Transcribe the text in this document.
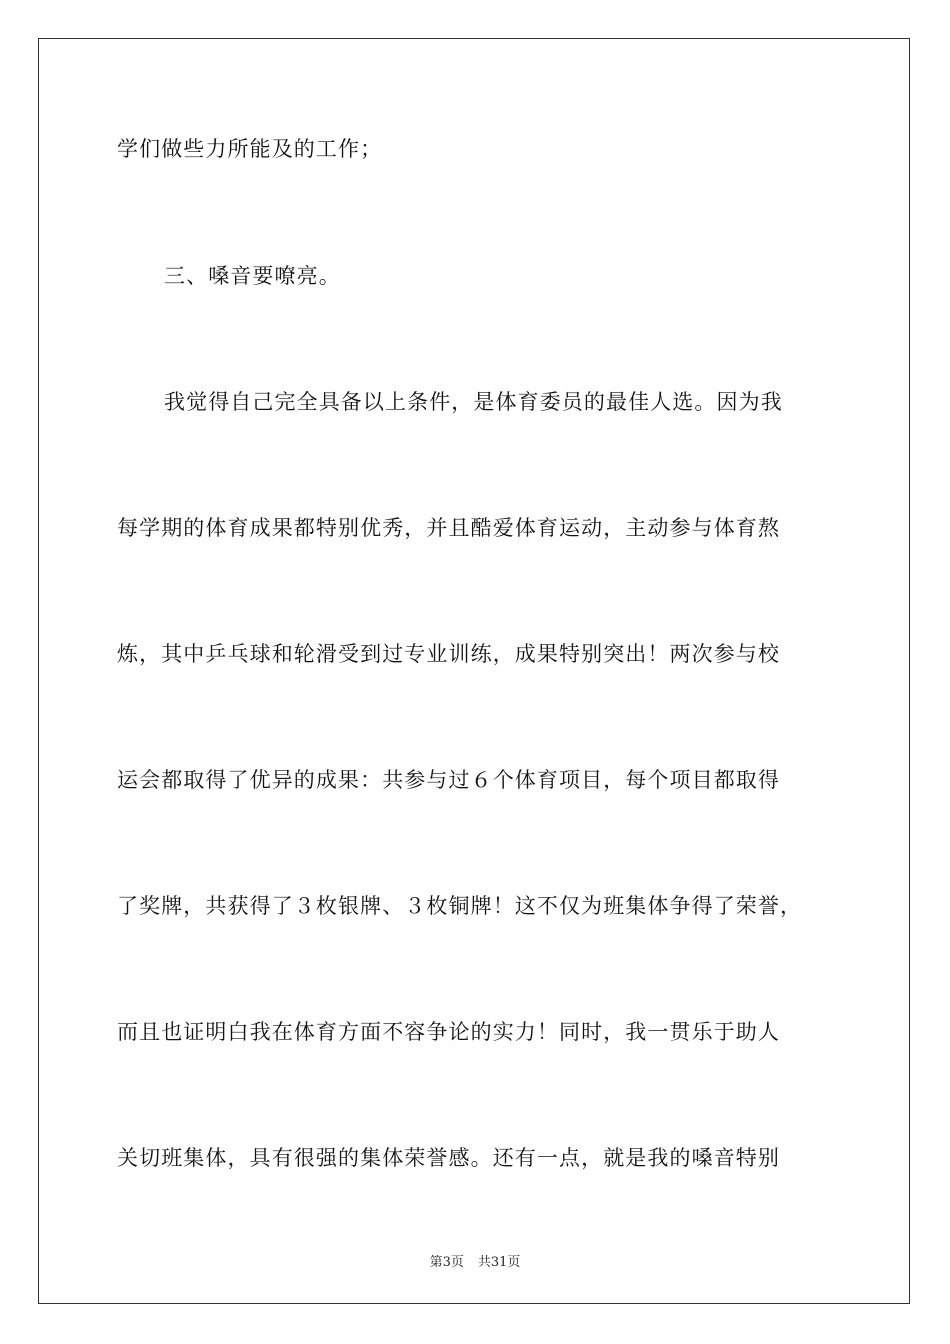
学们做些力所能及的工作；
三、嗓音要嘹亮。
我觉得自己完全具备以上条件，是体育委员的最佳人选。因为我
每学期的体育成果都特别优秀，并且酷爱体育运动，主动参与体育熬
炼，其中乒乓球和轮滑受到过专业训练，成果特别突出！两次参与校
运会都取得了优异的成果：共参与过６个体育项目，每个项目都取得
了奖牌，共获得了３枚银牌、３枚铜牌！这不仅为班集体争得了荣誉，
而且也证明白我在体育方面不容争论的实力！同时，我一贯乐于助人
关切班集体，具有很强的集体荣誉感。还有一点，就是我的嗓音特别
第3页 共31页
